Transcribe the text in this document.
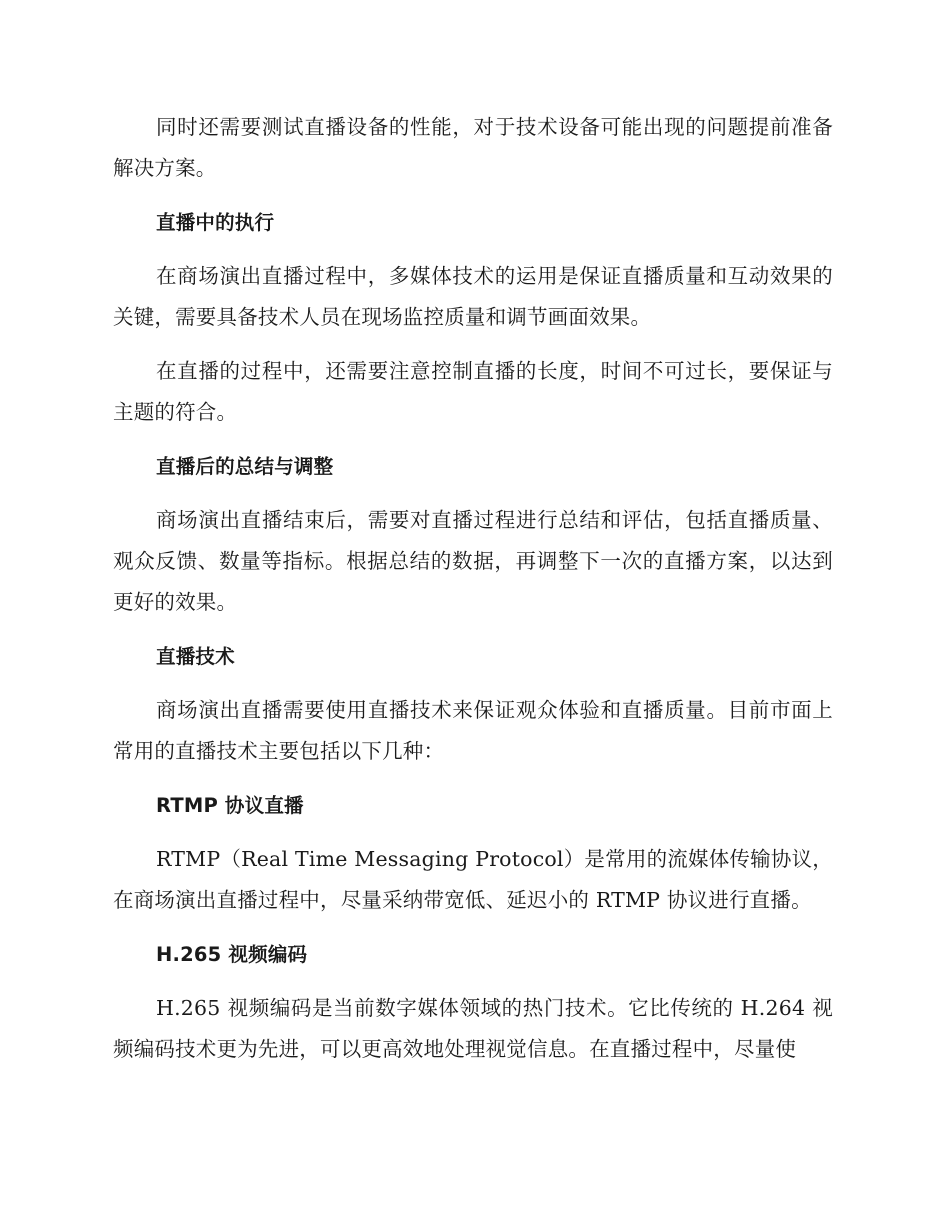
同时还需要测试直播设备的性能，对于技术设备可能出现的问题提前准备解决方案。

直播中的执行

在商场演出直播过程中，多媒体技术的运用是保证直播质量和互动效果的关键，需要具备技术人员在现场监控质量和调节画面效果。

在直播的过程中，还需要注意控制直播的长度，时间不可过长，要保证与主题的符合。

直播后的总结与调整

商场演出直播结束后，需要对直播过程进行总结和评估，包括直播质量、观众反馈、数量等指标。根据总结的数据，再调整下一次的直播方案，以达到更好的效果。

直播技术

商场演出直播需要使用直播技术来保证观众体验和直播质量。目前市面上常用的直播技术主要包括以下几种：

RTMP 协议直播

RTMP（Real Time Messaging Protocol）是常用的流媒体传输协议，在商场演出直播过程中，尽量采纳带宽低、延迟小的 RTMP 协议进行直播。

H.265 视频编码

H.265 视频编码是当前数字媒体领域的热门技术。它比传统的 H.264 视频编码技术更为先进，可以更高效地处理视觉信息。在直播过程中，尽量使
